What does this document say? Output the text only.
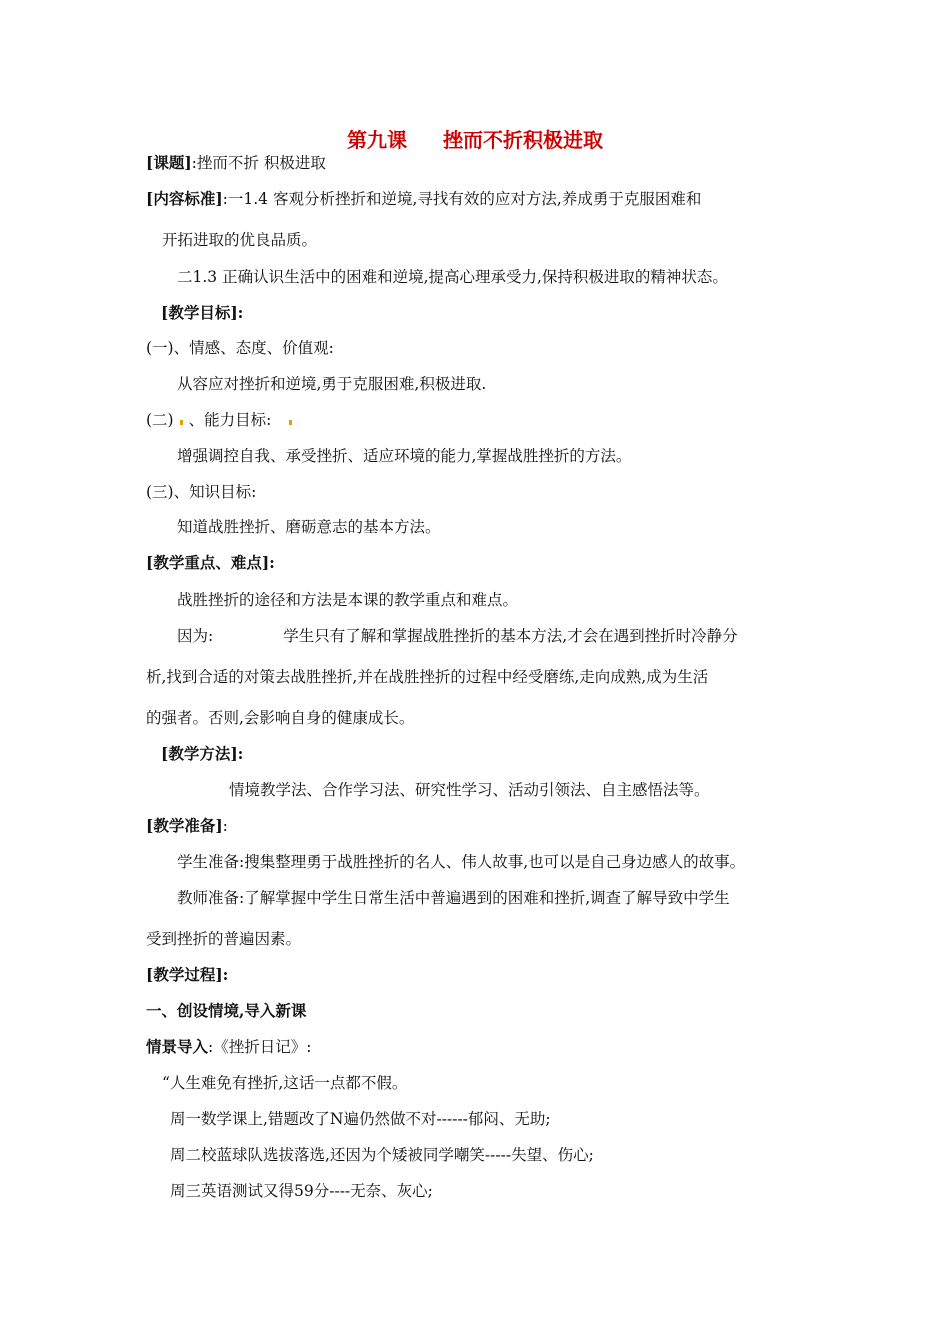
第九课 挫而不折积极进取
[课题]:挫而不折 积极进取
[内容标准]:一1.4 客观分析挫折和逆境,寻找有效的应对方法,养成勇于克服困难和
开拓进取的优良品质。
二1.3 正确认识生活中的困难和逆境,提高心理承受力,保持积极进取的精神状态。
[教学目标]:
(一)、情感、态度、价值观:
从容应对挫折和逆境,勇于克服困难,积极进取.
(二) 、能力目标:
增强调控自我、承受挫折、适应环境的能力,掌握战胜挫折的方法。
(三)、知识目标:
知道战胜挫折、磨砺意志的基本方法。
[教学重点、难点]:
战胜挫折的途径和方法是本课的教学重点和难点。
因为:	学生只有了解和掌握战胜挫折的基本方法,才会在遇到挫折时冷静分
析,找到合适的对策去战胜挫折,并在战胜挫折的过程中经受磨练,走向成熟,成为生活
的强者。否则,会影响自身的健康成长。
[教学方法]:
情境教学法、合作学习法、研究性学习、活动引领法、自主感悟法等。
[教学准备]:
学生准备:搜集整理勇于战胜挫折的名人、伟人故事,也可以是自己身边感人的故事。
教师准备:了解掌握中学生日常生活中普遍遇到的困难和挫折,调查了解导致中学生
受到挫折的普遍因素。
[教学过程]:
一、创设情境,导入新课
情景导入:《挫折日记》:
“人生难免有挫折,这话一点都不假。
周一数学课上,错题改了N遍仍然做不对------郁闷、无助;
周二校蓝球队选拔落选,还因为个矮被同学嘲笑-----失望、伤心;
周三英语测试又得59分----无奈、灰心;
